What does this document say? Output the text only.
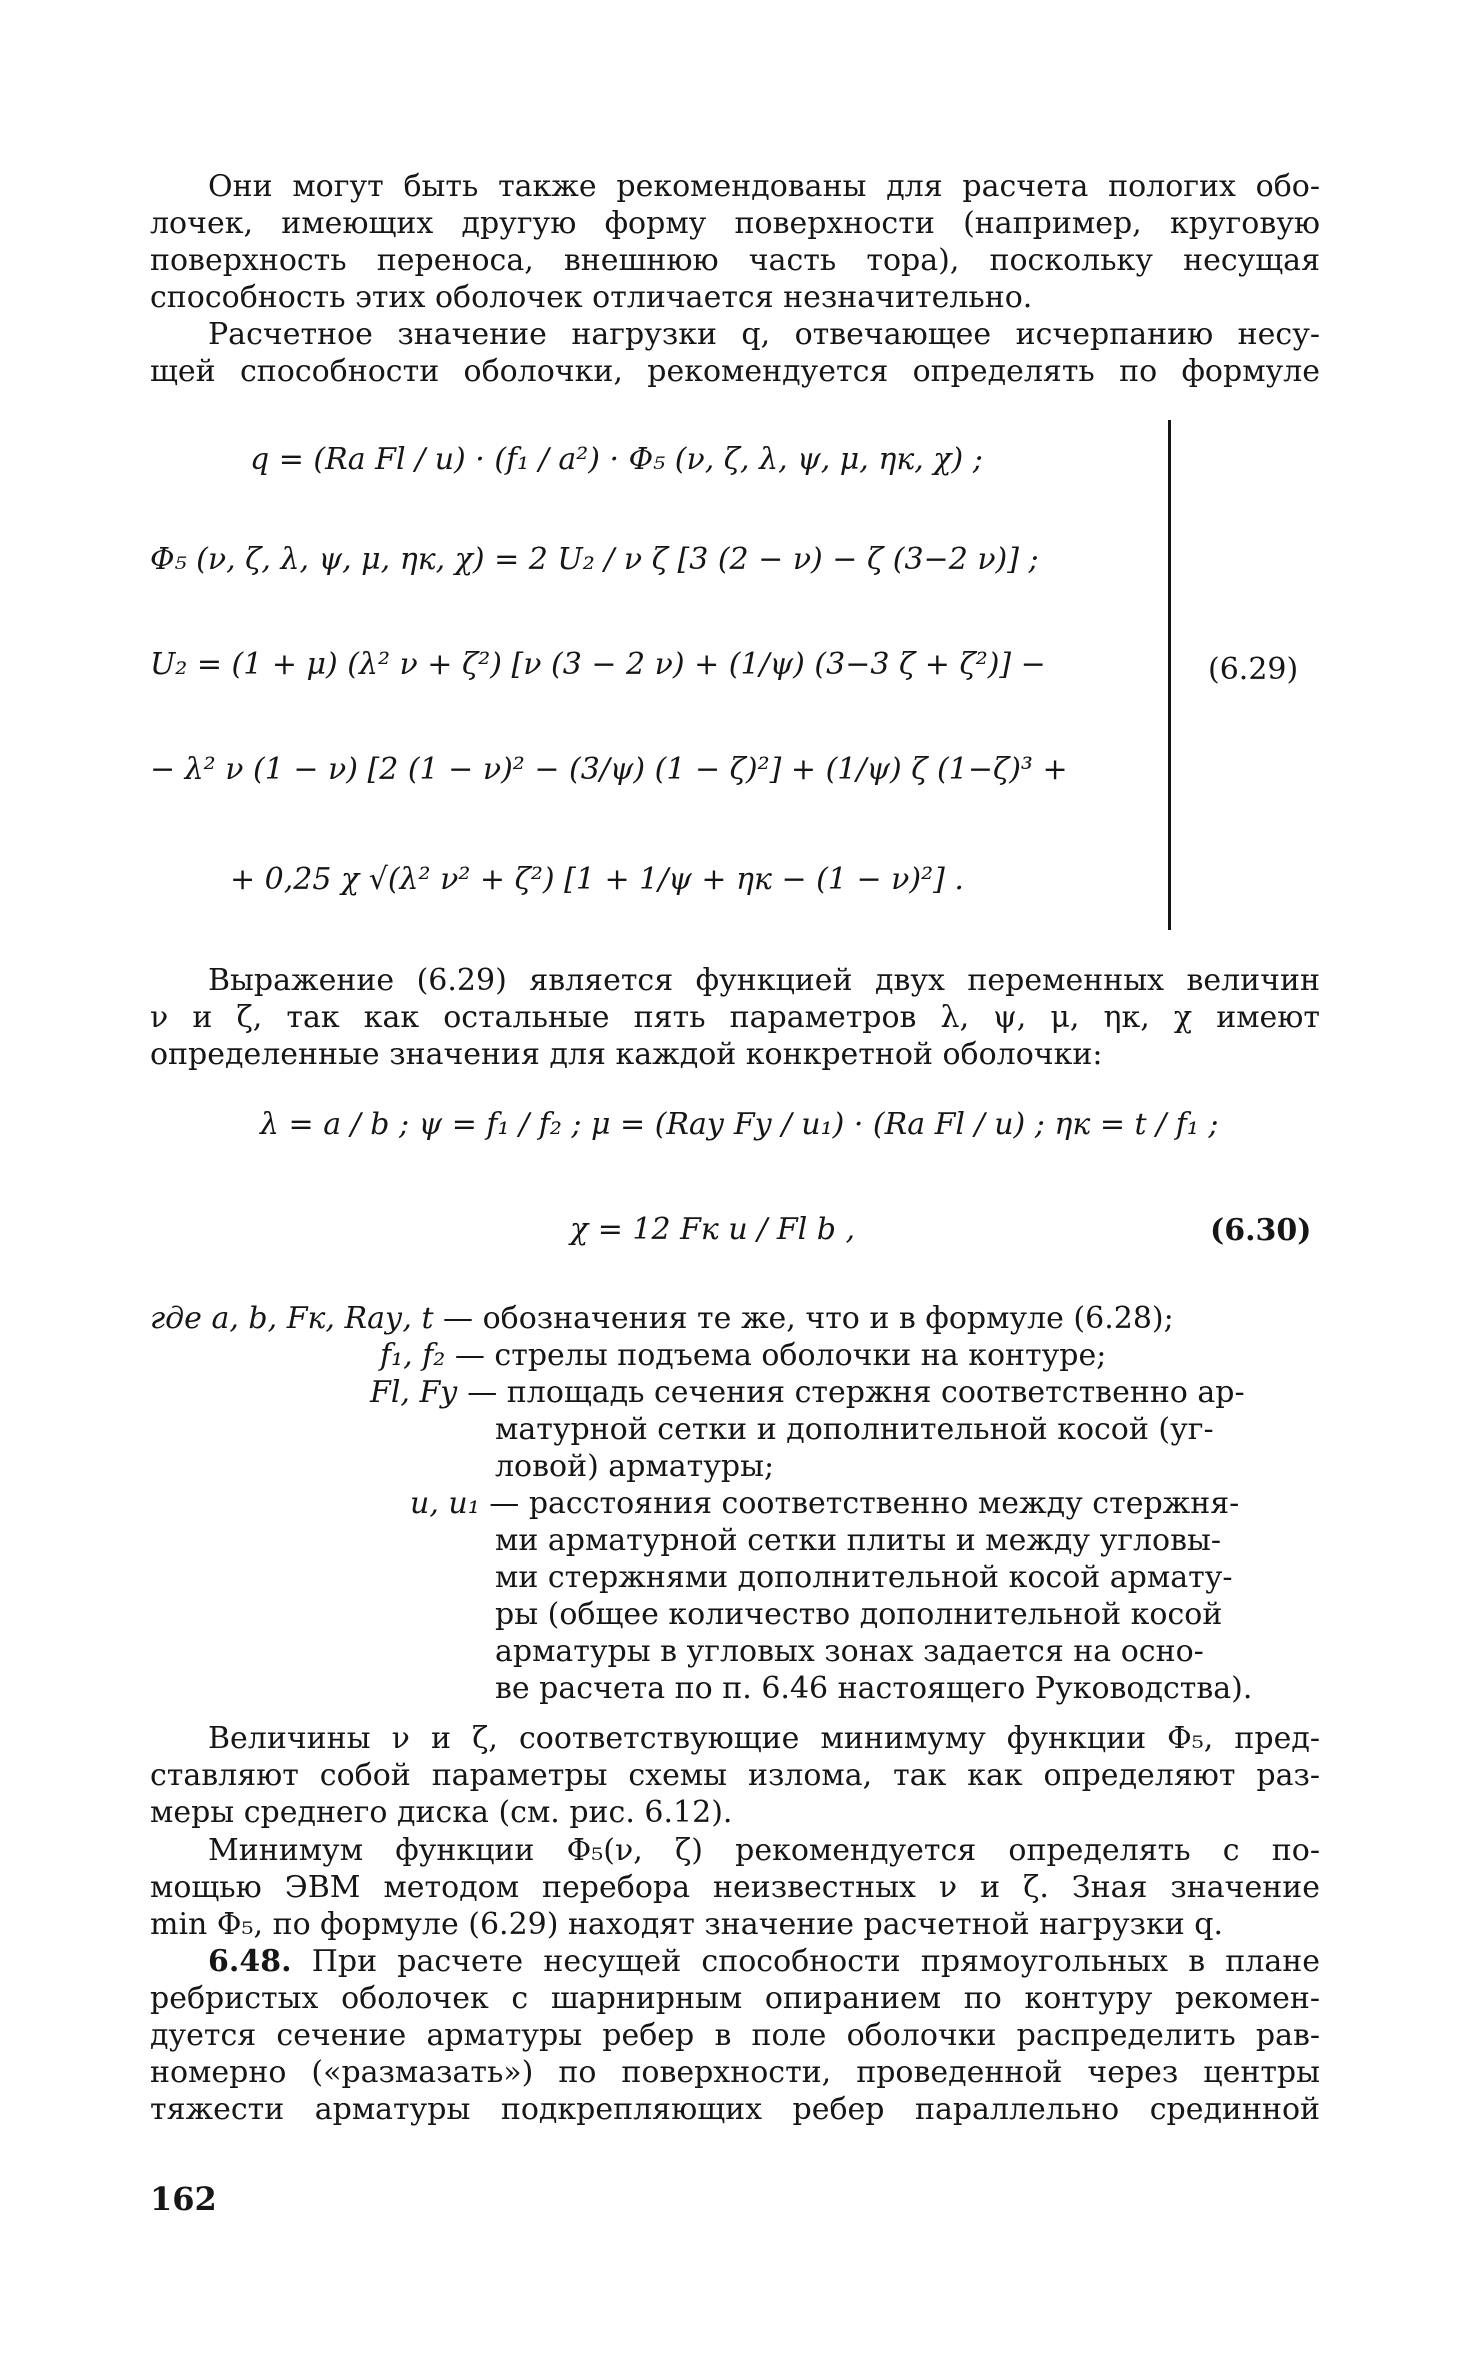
Они могут быть также рекомендованы для расчета пологих обо-
лочек, имеющих другую форму поверхности (например, круговую
поверхность переноса, внешнюю часть тора), поскольку несущая
способность этих оболочек отличается незначительно.
Расчетное значение нагрузки q, отвечающее исчерпанию несу-
щей способности оболочки, рекомендуется определять по формуле
q = (Rа Fl / u) · (f₁ / a²) · Φ₅ (ν, ζ, λ, ψ, μ, ηк, χ) ;
Φ₅ (ν, ζ, λ, ψ, μ, ηк, χ) = 2 U₂ / ν ζ [3 (2 − ν) − ζ (3−2 ν)] ;
U₂ = (1 + μ) (λ² ν + ζ²) [ν (3 − 2 ν) + (1/ψ) (3−3 ζ + ζ²)] −
− λ² ν (1 − ν) [2 (1 − ν)² − (3/ψ) (1 − ζ)²] + (1/ψ) ζ (1−ζ)³ +
+ 0,25 χ √(λ² ν² + ζ²) [1 + 1/ψ + ηк − (1 − ν)²] .
(6.29)
Выражение (6.29) является функцией двух переменных величин
ν и ζ, так как остальные пять параметров λ, ψ, μ, ηк, χ имеют
определенные значения для каждой конкретной оболочки:
λ = a / b ; ψ = f₁ / f₂ ; μ = (Rау Fу / u₁) · (Rа Fl / u) ; ηк = t / f₁ ;
χ = 12 Fк u / Fl b ,	(6.30)
где a, b, Fк, Rау, t — обозначения те же, что и в формуле (6.28);
f₁, f₂ — стрелы подъема оболочки на контуре;
Fl, Fу — площадь сечения стержня соответственно ар-
матурной сетки и дополнительной косой (уг-
ловой) арматуры;
u, u₁ — расстояния соответственно между стержня-
ми арматурной сетки плиты и между угловы-
ми стержнями дополнительной косой армату-
ры (общее количество дополнительной косой
арматуры в угловых зонах задается на осно-
ве расчета по п. 6.46 настоящего Руководства).
Величины ν и ζ, соответствующие минимуму функции Φ₅, пред-
ставляют собой параметры схемы излома, так как определяют раз-
меры среднего диска (см. рис. 6.12).
Минимум функции Φ₅(ν, ζ) рекомендуется определять с по-
мощью ЭВМ методом перебора неизвестных ν и ζ. Зная значение
min Φ₅, по формуле (6.29) находят значение расчетной нагрузки q.
6.48. При расчете несущей способности прямоугольных в плане
ребристых оболочек с шарнирным опиранием по контуру рекомен-
дуется сечение арматуры ребер в поле оболочки распределить рав-
номерно («размазать») по поверхности, проведенной через центры
тяжести арматуры подкрепляющих ребер параллельно срединной
162
